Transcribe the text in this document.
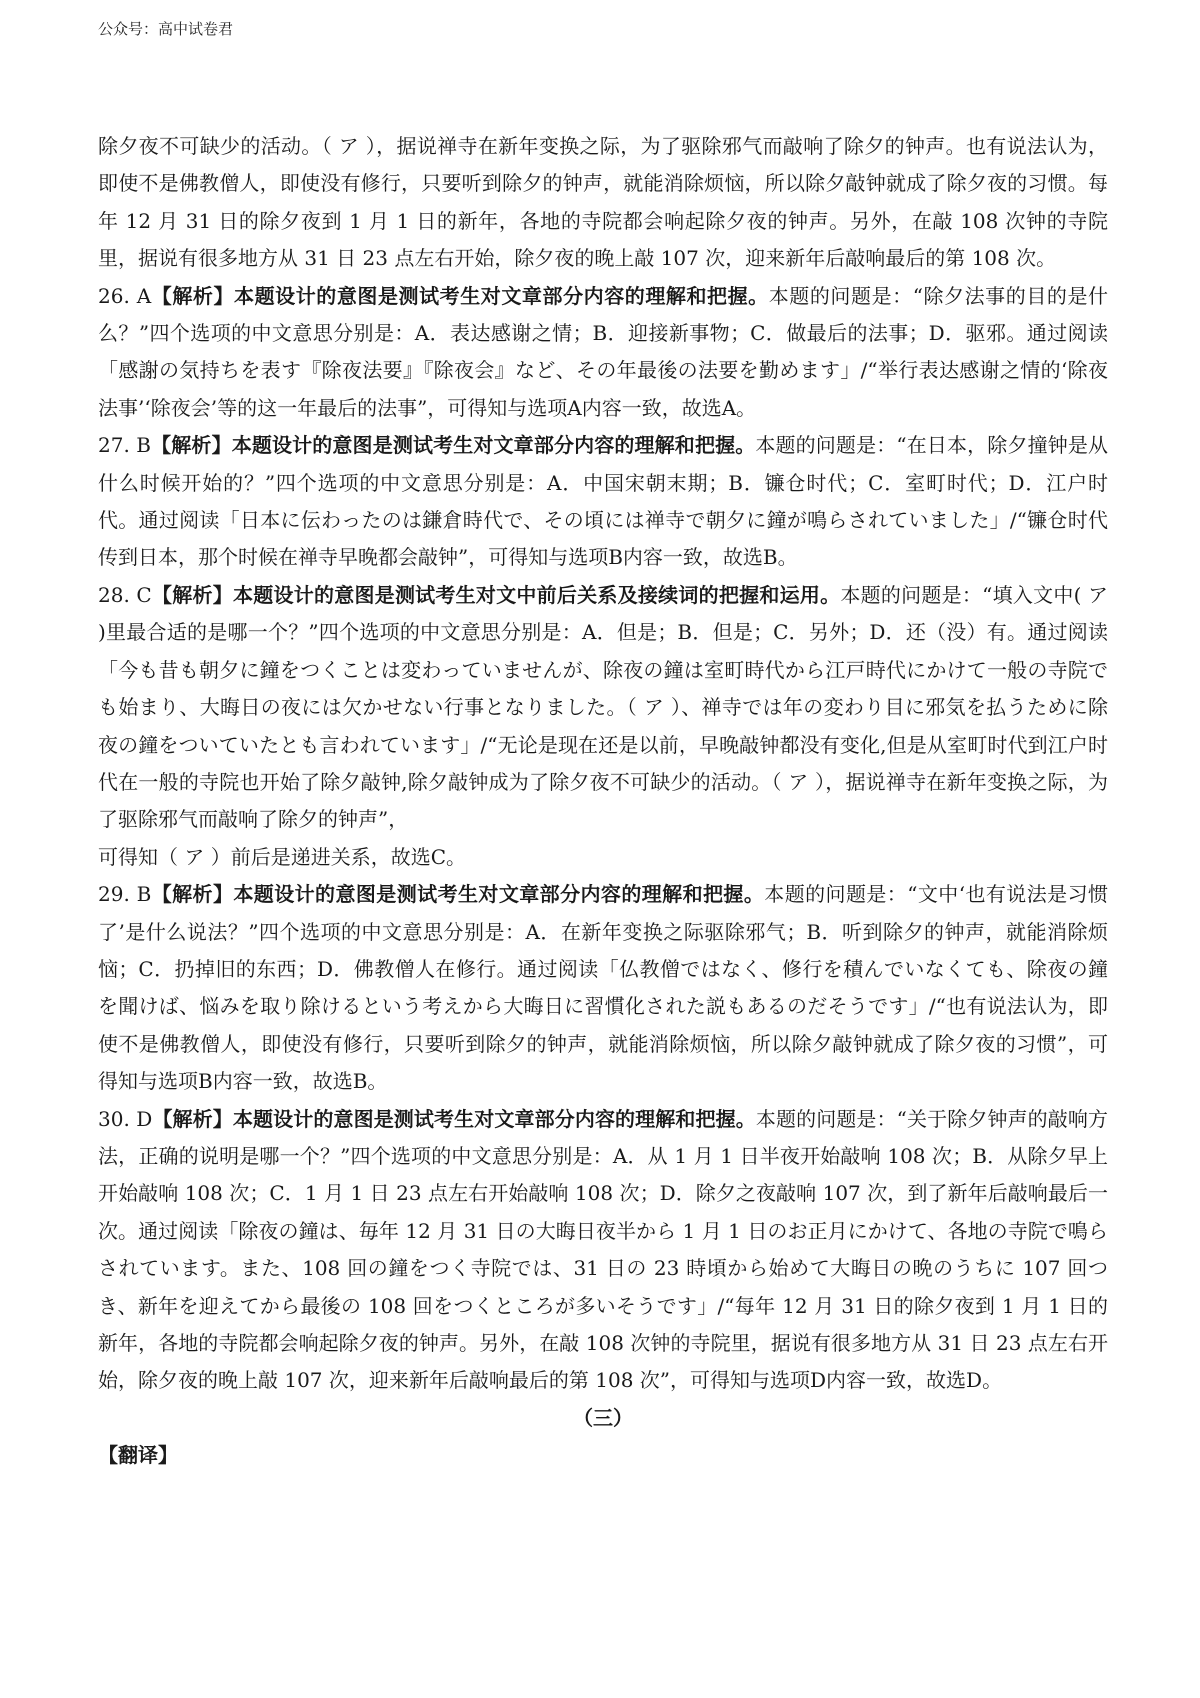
公众号：高中试卷君

除夕夜不可缺少的活动。（ ア ），据说禅寺在新年变换之际，为了驱除邪气而敲响了除夕的钟声。也有说法认为，即使不是佛教僧人，即使没有修行，只要听到除夕的钟声，就能消除烦恼，所以除夕敲钟就成了除夕夜的习惯。每年 12 月 31 日的除夕夜到 1 月 1 日的新年，各地的寺院都会响起除夕夜的钟声。另外，在敲 108 次钟的寺院里，据说有很多地方从 31 日 23 点左右开始，除夕夜的晚上敲 107 次，迎来新年后敲响最后的第 108 次。

26. A【解析】本题设计的意图是测试考生对文章部分内容的理解和把握。本题的问题是：“除夕法事的目的是什么？”四个选项的中文意思分别是：A．表达感谢之情；B．迎接新事物；C．做最后的法事；D．驱邪。通过阅读「感謝の気持ちを表す『除夜法要』『除夜会』など、その年最後の法要を勤めます」/“举行表达感谢之情的‘除夜法事’‘除夜会’等的这一年最后的法事”，可得知与选项A内容一致，故选A。

27. B【解析】本题设计的意图是测试考生对文章部分内容的理解和把握。本题的问题是：“在日本，除夕撞钟是从什么时候开始的？”四个选项的中文意思分别是：A．中国宋朝末期；B．镰仓时代；C．室町时代；D．江户时代。通过阅读「日本に伝わったのは鎌倉時代で、その頃には禅寺で朝夕に鐘が鳴らされていました」/“镰仓时代传到日本，那个时候在禅寺早晚都会敲钟”，可得知与选项B内容一致，故选B。

28. C【解析】本题设计的意图是测试考生对文中前后关系及接续词的把握和运用。本题的问题是：“填入文中( ア )里最合适的是哪一个？”四个选项的中文意思分别是：A．但是；B．但是；C．另外；D．还（没）有。通过阅读「今も昔も朝夕に鐘をつくことは変わっていませんが、除夜の鐘は室町時代から江戸時代にかけて一般の寺院でも始まり、大晦日の夜には欠かせない行事となりました。（ ア ）、禅寺では年の変わり目に邪気を払うために除夜の鐘をついていたとも言われています」/“无论是现在还是以前，早晚敲钟都没有变化,但是从室町时代到江户时代在一般的寺院也开始了除夕敲钟,除夕敲钟成为了除夕夜不可缺少的活动。（ ア ），据说禅寺在新年变换之际，为了驱除邪气而敲响了除夕的钟声”，

可得知（ ア ）前后是递进关系，故选C。

29. B【解析】本题设计的意图是测试考生对文章部分内容的理解和把握。本题的问题是：“文中‘也有说法是习惯了’是什么说法？”四个选项的中文意思分别是：A．在新年变换之际驱除邪气；B．听到除夕的钟声，就能消除烦恼；C．扔掉旧的东西；D．佛教僧人在修行。通过阅读「仏教僧ではなく、修行を積んでいなくても、除夜の鐘を聞けば、悩みを取り除けるという考えから大晦日に習慣化された説もあるのだそうです」/“也有说法认为，即使不是佛教僧人，即使没有修行，只要听到除夕的钟声，就能消除烦恼，所以除夕敲钟就成了除夕夜的习惯”，可得知与选项B内容一致，故选B。

30. D【解析】本题设计的意图是测试考生对文章部分内容的理解和把握。本题的问题是：“关于除夕钟声的敲响方法，正确的说明是哪一个？”四个选项的中文意思分别是：A．从 1 月 1 日半夜开始敲响 108 次；B．从除夕早上开始敲响 108 次；C．1 月 1 日 23 点左右开始敲响 108 次；D．除夕之夜敲响 107 次，到了新年后敲响最后一次。通过阅读「除夜の鐘は、毎年 12 月 31 日の大晦日夜半から 1 月 1 日のお正月にかけて、各地の寺院で鳴らされています。また、108 回の鐘をつく寺院では、31 日の 23 時頃から始めて大晦日の晩のうちに 107 回つき、新年を迎えてから最後の 108 回をつくところが多いそうです」/“每年 12 月 31 日的除夕夜到 1 月 1 日的新年，各地的寺院都会响起除夕夜的钟声。另外，在敲 108 次钟的寺院里，据说有很多地方从 31 日 23 点左右开始，除夕夜的晚上敲 107 次，迎来新年后敲响最后的第 108 次”，可得知与选项D内容一致，故选D。

（三）

【翻译】
